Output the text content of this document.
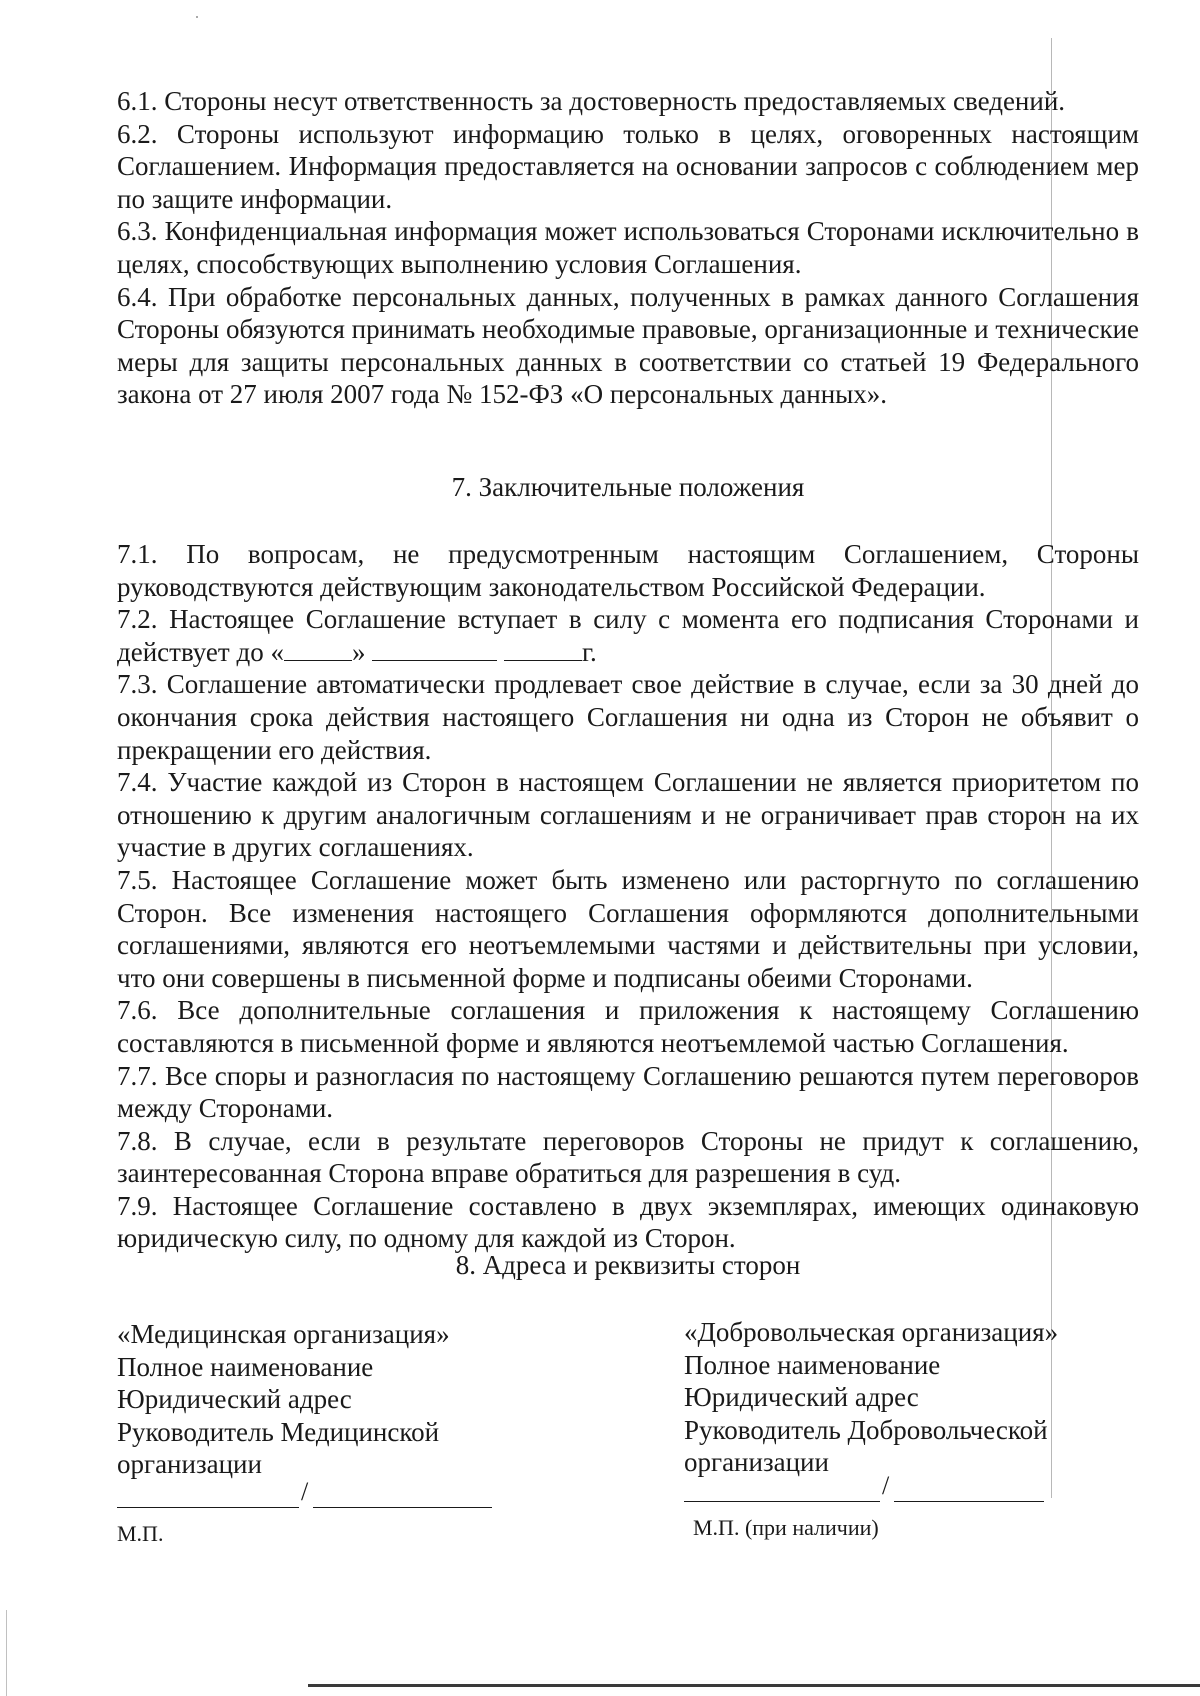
6.1. Стороны несут ответственность за достоверность предоставляемых сведений.

6.2. Стороны используют информацию только в целях, оговоренных настоящим Соглашением. Информация предоставляется на основании запросов с соблюдением мер по защите информации.

6.3. Конфиденциальная информация может использоваться Сторонами исключительно в целях, способствующих выполнению условия Соглашения.

6.4. При обработке персональных данных, полученных в рамках данного Соглашения Стороны обязуются принимать необходимые правовые, организационные и технические меры для защиты персональных данных в соответствии со статьей 19 Федерального закона от 27 июля 2007 года № 152-ФЗ «О персональных данных».

7. Заключительные положения

7.1. По вопросам, не предусмотренным настоящим Соглашением, Стороны руководствуются действующим законодательством Российской Федерации.

7.2. Настоящее Соглашение вступает в силу с момента его подписания Сторонами и действует до «	»	г.

7.3. Соглашение автоматически продлевает свое действие в случае, если за 30 дней до окончания срока действия настоящего Соглашения ни одна из Сторон не объявит о прекращении его действия.

7.4. Участие каждой из Сторон в настоящем Соглашении не является приоритетом по отношению к другим аналогичным соглашениям и не ограничивает прав сторон на их участие в других соглашениях.

7.5. Настоящее Соглашение может быть изменено или расторгнуто по соглашению Сторон. Все изменения настоящего Соглашения оформляются дополнительными соглашениями, являются его неотъемлемыми частями и действительны при условии, что они совершены в письменной форме и подписаны обеими Сторонами.

7.6. Все дополнительные соглашения и приложения к настоящему Соглашению составляются в письменной форме и являются неотъемлемой частью Соглашения.

7.7. Все споры и разногласия по настоящему Соглашению решаются путем переговоров между Сторонами.

7.8. В случае, если в результате переговоров Стороны не придут к соглашению, заинтересованная Сторона вправе обратиться для разрешения в суд.

7.9. Настоящее Соглашение составлено в двух экземплярах, имеющих одинаковую юридическую силу, по одному для каждой из Сторон.

8. Адреса и реквизиты сторон

«Медицинская организация»
Полное наименование
Юридический адрес
Руководитель Медицинской
организации
/
М.П.
«Добровольческая организация»
Полное наименование
Юридический адрес
Руководитель Добровольческой
организации
/
М.П. (при наличии)
